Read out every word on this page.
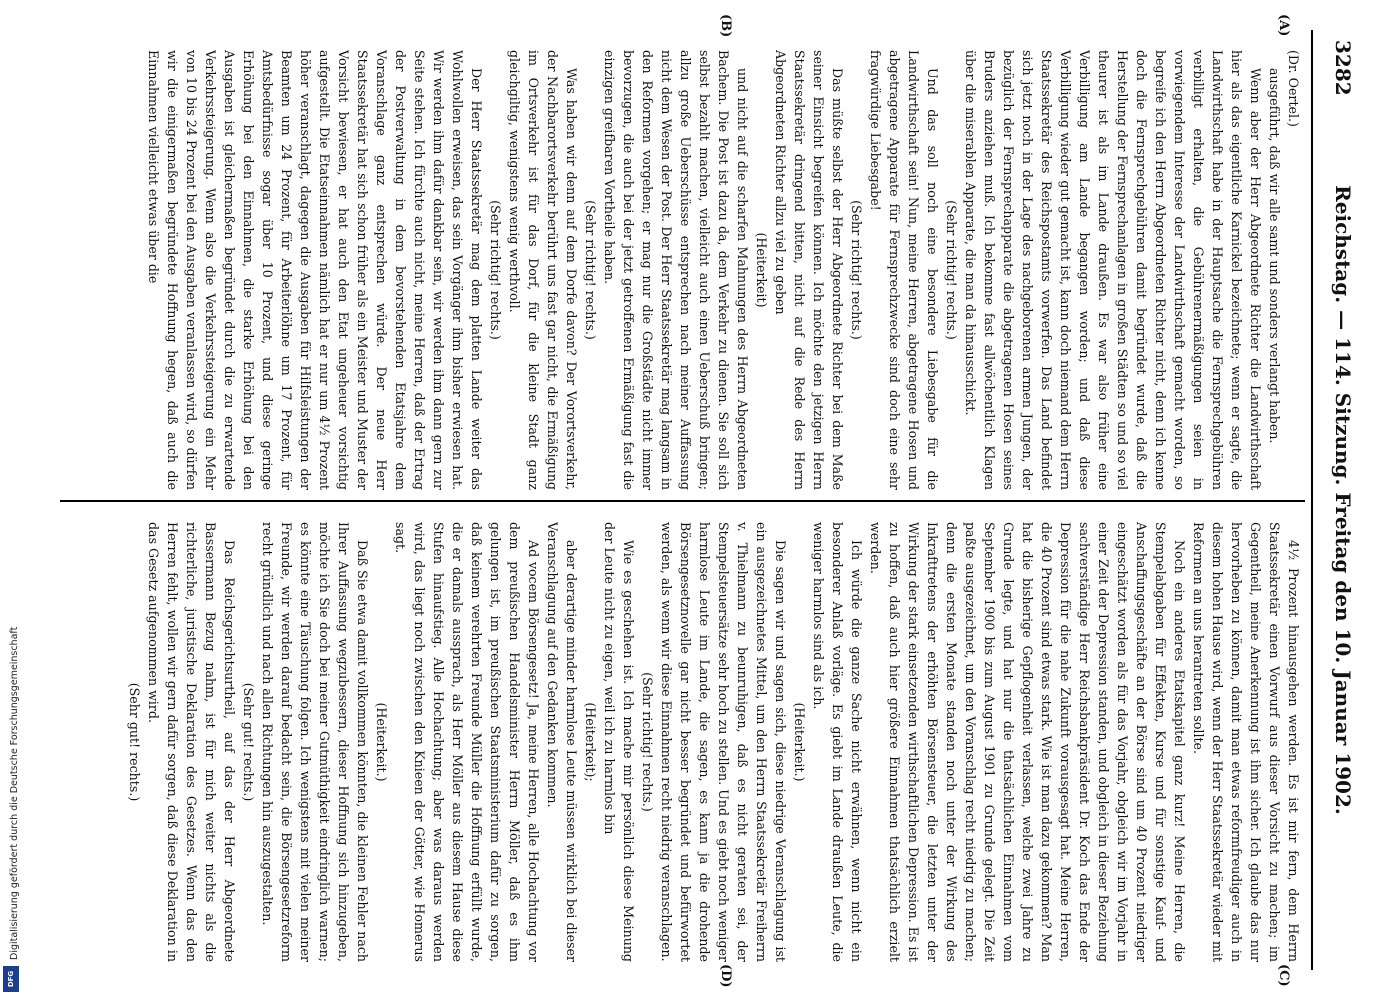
Digitalisierung gefördert durch die Deutsche Forschungsgemeinschaft
DFG
3282
Reichstag. — 114. Sitzung. Freitag den 10. Januar 1902.
(A)
(B)
(C)
(D)

(Dr. Oertel.)

ausgeführt, daß wir alle samt und sonders verlangt haben.

Wenn aber der Herr Abgeordnete Richter die Landwirthschaft hier als das eigentliche Karnickel bezeichnete; wenn er sagte, die Landwirthschaft habe in der Hauptsache die Fernsprechgebühren verbilligt erhalten, die Gebührenermäßigungen seien in vorwiegendem Interesse der Landwirthschaft gemacht worden, so begreife ich den Herrn Abgeordneten Richter nicht, denn ich kenne doch die Fernsprechgebühren damit begründet wurde, daß die Herstellung der Fernsprechanlagen in großen Städten so und so viel theurer ist als im Lande draußen. Es war also früher eine Verbilligung am Lande begangen worden; und daß diese Verbilligung wieder gut gemacht ist, kann doch niemand dem Herrn Staatssekretär des Reichspostamts vorwerfen. Das Land befindet sich jetzt noch in der Lage des nachgeborenen armen Jungen, der bezüglich der Fernsprechapparate die abgetragenen Hosen seines Bruders anziehen muß. Ich bekomme fast allwöchentlich Klagen über die miserablen Apparate, die man da hinausschickt.

(Sehr richtig! rechts.)

Und das soll noch eine besondere Liebesgabe für die Landwirthschaft sein! Nun, meine Herren, abgetragene Hosen und abgetragene Apparate für Fernsprechzwecke sind doch eine sehr fragwürdige Liebesgabe!

(Sehr richtig! rechts.)

Das müßte selbst der Herr Abgeordnete Richter bei dem Maße seiner Einsicht begreifen können. Ich möchte den jetzigen Herrn Staatssekretär dringend bitten, nicht auf die Rede des Herrn Abgeordneten Richter allzu viel zu geben

(Heiterkeit)

und nicht auf die scharfen Mahnungen des Herrn Abgeordneten Bachem. Die Post ist dazu da, dem Verkehr zu dienen. Sie soll sich selbst bezahlt machen, vielleicht auch einen Ueberschuß bringen; allzu große Ueberschüsse entsprechen nach meiner Auffassung nicht dem Wesen der Post. Der Herr Staatssekretär mag langsam in den Reformen vorgehen; er mag nur die Großstädte nicht immer bevorzugen, die auch bei der jetzt getroffenen Ermäßigung fast die einzigen greifbaren Vortheile haben.

(Sehr richtig! rechts.)

Was haben wir denn auf dem Dorfe davon? Der Vorortsverkehr, der Nachbarortsverkehr berührt uns fast gar nicht, die Ermäßigung im Ortsverkehr ist für das Dorf, für die kleine Stadt ganz gleichgiltig, wenigstens wenig werthvoll.

(Sehr richtig! rechts.)

Der Herr Staatssekretär mag dem platten Lande weiter das Wohlwollen erweisen, das sein Vorgänger ihm bisher erwiesen hat. Wir werden ihm dafür dankbar sein, wir werden ihm dann gern zur Seite stehen. Ich fürchte auch nicht, meine Herren, daß der Ertrag der Postverwaltung in dem bevorstehenden Etatsjahre dem Voranschlage ganz entsprechen würde. Der neue Herr Staatssekretär hat sich schon früher als ein Meister und Muster der Vorsicht bewiesen, er hat auch den Etat ungeheuer vorsichtig aufgestellt. Die Etatseinnahmen nämlich hat er nur um 4½ Prozent höher veranschlagt, dagegen die Ausgaben für Hilfsleistungen der Beamten um 24 Prozent, für Arbeiterlöhne um 17 Prozent, für Amtsbedürfnisse sogar über 10 Prozent, und diese geringe Erhöhung bei den Einnahmen, die starke Erhöhung bei den Ausgaben ist gleichermaßen begründet durch die zu erwartende Verkehrssteigerung. Wenn also die Verkehrssteigerung ein Mehr von 10 bis 24 Prozent bei den Ausgaben veranlassen wird, so dürfen wir die einigermaßen begründete Hoffnung hegen, daß auch die Einnahmen vielleicht etwas über die

4½ Prozent hinausgehen werden. Es ist mir fern, dem Herrn Staatssekretär einen Vorwurf aus dieser Vorsicht zu machen; im Gegentheil, meine Anerkennung ist ihm sicher. Ich glaube das nur hervorheben zu können, damit man etwas reformfreudiger auch in diesem hohen Hause wird, wenn der Herr Staatssekretär wieder mit Reformen an uns herantreten sollte.

Noch ein anderes Etatskapitel ganz kurz! Meine Herren, die Stempelabgaben für Effekten, Kurse und für sonstige Kauf- und Anschaffungsgeschäfte an der Börse sind um 40 Prozent niedriger eingeschätzt worden als für das Vorjahr, obgleich wir im Vorjahr in einer Zeit der Depression standen, und obgleich in dieser Beziehung sachverständige Herr Reichsbankpräsident Dr. Koch das Ende der Depression für die nahe Zukunft vorausgesagt hat. Meine Herren, die 40 Prozent sind etwas stark. Wie ist man dazu gekommen? Man hat die bisherige Gepflogenheit verlassen, welche zwei Jahre zu Grunde legte, und hat nur die thatsächlichen Einnahmen vom September 1900 bis zum August 1901 zu Grunde gelegt. Die Zeit paßte ausgezeichnet, um den Voranschlag recht niedrig zu machen; denn die ersten Monate standen noch unter der Wirkung des Inkrafttretens der erhöhten Börsensteuer, die letzten unter der Wirkung der stark einsetzenden wirthschaftlichen Depression. Es ist zu hoffen, daß auch hier größere Einnahmen thatsächlich erzielt werden.

Ich würde die ganze Sache nicht erwähnen, wenn nicht ein besonderer Anlaß vorläge. Es giebt im Lande draußen Leute, die weniger harmlos sind als ich.

(Heiterkeit.)

Die sagen wir und sagen sich, diese niedrige Veranschlagung ist ein ausgezeichnetes Mittel, um den Herrn Staatssekretär Freiherrn v. Thielmann zu beunruhigen, daß es nicht geraten sei, der Stempelsteuersätze sehr hoch zu stellen. Und es giebt noch weniger harmlose Leute im Lande, die sagen, es kann ja die drohende Börsengesetznovelle gar nicht besser begründet und befürwortet werden, als wenn wir diese Einnahmen recht niedrig veranschlagen.

(Sehr richtig! rechts.)

Wie es geschehen ist. Ich mache mir persönlich diese Meinung der Leute nicht zu eigen, weil ich zu harmlos bin

(Heiterkeit);

aber derartige minder harmlose Leute müssen wirklich bei dieser Veranschlagung auf den Gedanken kommen.

Ad vocem Börsengesetz! Ja, meine Herren, alle Hochachtung vor dem preußischen Handelsminister Herrn Möller, daß es ihm gelungen ist, im preußischen Staatsministerium dafür zu sorgen, daß keinem verehrten Freunde Müller die Hoffnung erfüllt wurde, die er damals aussprach, als Herr Möller aus diesem Hause diese Stufen hinaufstieg. Alle Hochachtung; aber was daraus werden wird, das liegt noch zwischen den Knieen der Götter, wie Homerus sagt.

(Heiterkeit.)

Daß Sie etwa damit vollkommen könnten, die kleinen Fehler nach Ihrer Auffassung wegzubessern, dieser Hoffnung sich hinzugeben, möchte ich Sie doch bei meiner Gutmüthigkeit eindringlich warnen; es könnte eine Täuschung folgen. Ich wenigstens mit vielen meiner Freunde, wir werden darauf bedacht sein, die Börsengesetzreform recht gründlich und nach allen Richtungen hin auszugestalten.

(Sehr gut! rechts.)

Das Reichsgerichtsurtheil, auf das der Herr Abgeordnete Bassermann Bezug nahm, ist für mich weiter nichts als die richterliche, juristische Deklaration des Gesetzes. Wenn das den Herren fehlt, wollen wir gern dafür sorgen, daß diese Deklaration in das Gesetz aufgenommen wird.

(Sehr gut! rechts.)
